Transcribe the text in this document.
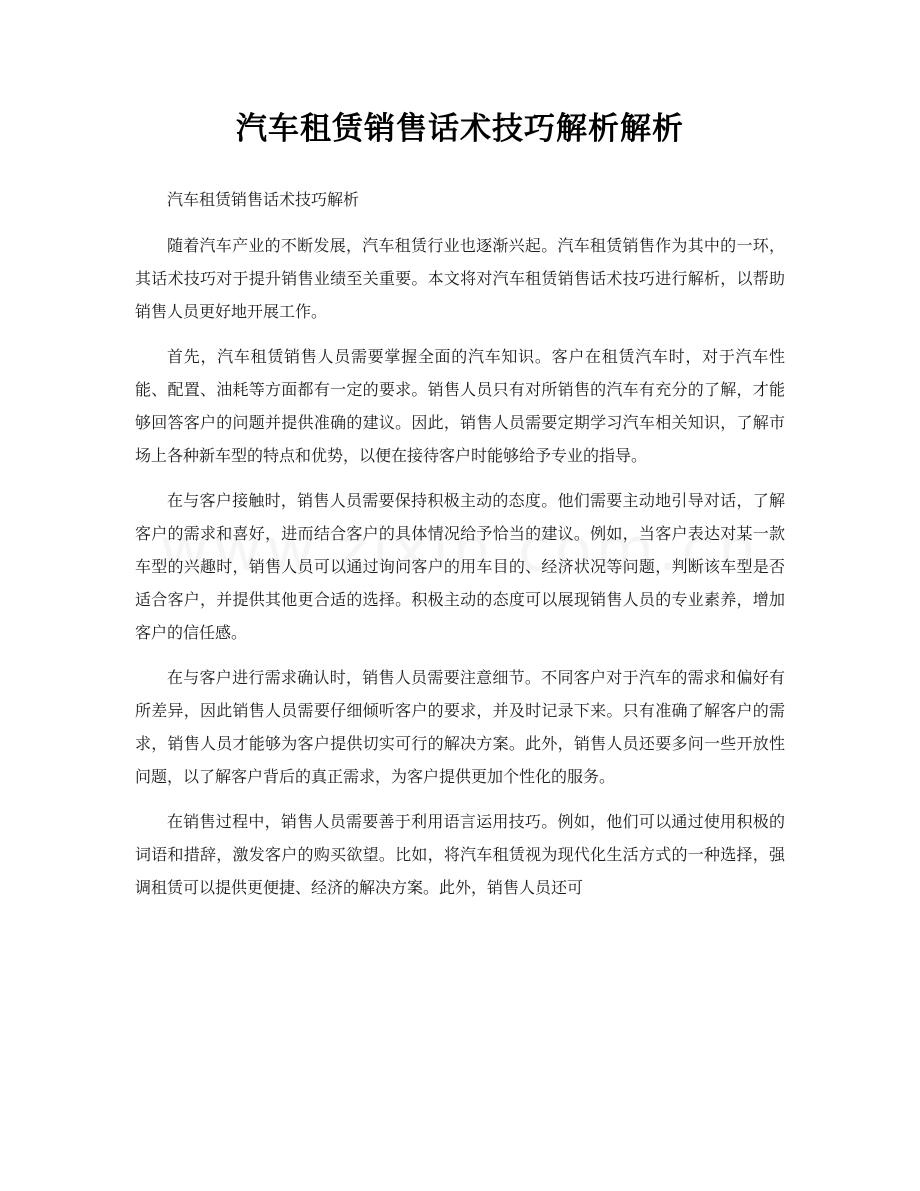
汽车租赁销售话术技巧解析解析

汽车租赁销售话术技巧解析

随着汽车产业的不断发展，汽车租赁行业也逐渐兴起。汽车租赁销售作为其中的一环，其话术技巧对于提升销售业绩至关重要。本文将对汽车租赁销售话术技巧进行解析，以帮助销售人员更好地开展工作。

首先，汽车租赁销售人员需要掌握全面的汽车知识。客户在租赁汽车时，对于汽车性能、配置、油耗等方面都有一定的要求。销售人员只有对所销售的汽车有充分的了解，才能够回答客户的问题并提供准确的建议。因此，销售人员需要定期学习汽车相关知识，了解市场上各种新车型的特点和优势，以便在接待客户时能够给予专业的指导。

在与客户接触时，销售人员需要保持积极主动的态度。他们需要主动地引导对话，了解客户的需求和喜好，进而结合客户的具体情况给予恰当的建议。例如，当客户表达对某一款车型的兴趣时，销售人员可以通过询问客户的用车目的、经济状况等问题，判断该车型是否适合客户，并提供其他更合适的选择。积极主动的态度可以展现销售人员的专业素养，增加客户的信任感。

在与客户进行需求确认时，销售人员需要注意细节。不同客户对于汽车的需求和偏好有所差异，因此销售人员需要仔细倾听客户的要求，并及时记录下来。只有准确了解客户的需求，销售人员才能够为客户提供切实可行的解决方案。此外，销售人员还要多问一些开放性问题，以了解客户背后的真正需求，为客户提供更加个性化的服务。

在销售过程中，销售人员需要善于利用语言运用技巧。例如，他们可以通过使用积极的词语和措辞，激发客户的购买欲望。比如，将汽车租赁视为现代化生活方式的一种选择，强调租赁可以提供更便捷、经济的解决方案。此外，销售人员还可
